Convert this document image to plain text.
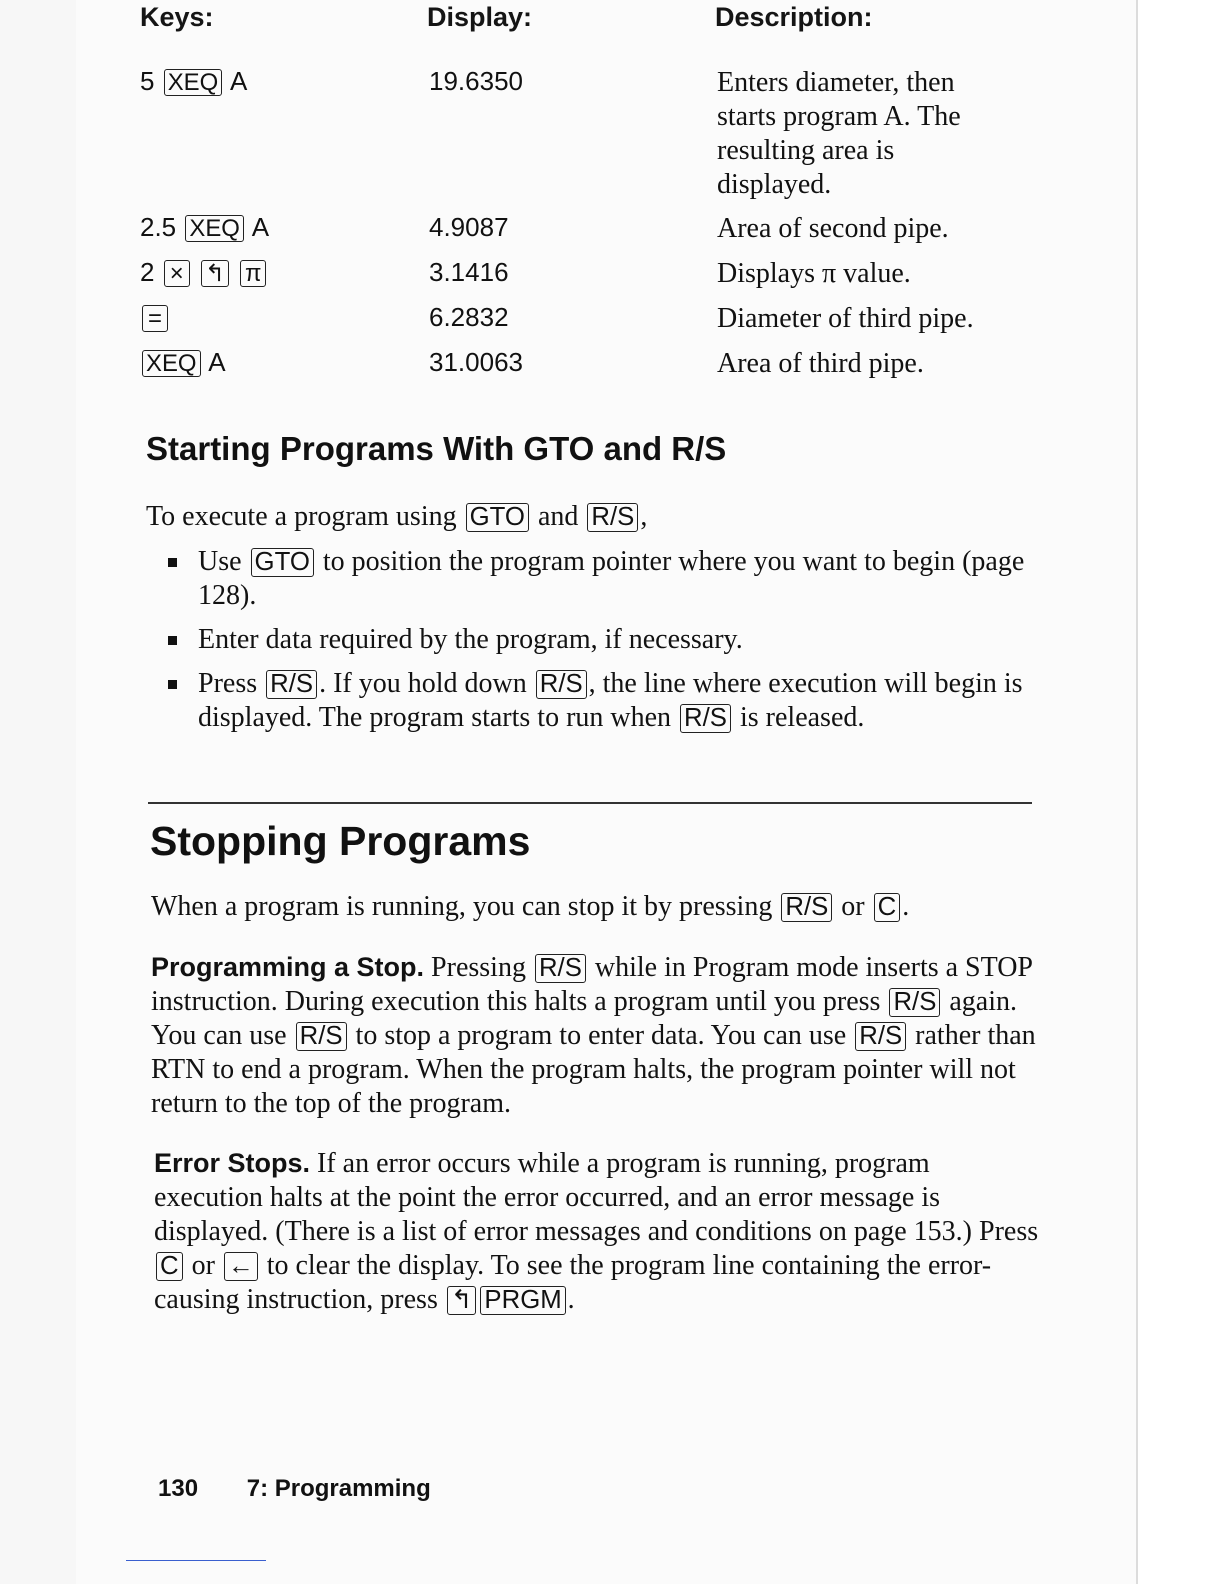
Keys:	Display:	Description:
5 XEQ A	19.6350	Enters diameter, then starts program A. The resulting area is displayed.
2.5 XEQ A	4.9087	Area of second pipe.
2 × ↰ π	3.1416	Displays π value.
=	6.2832	Diameter of third pipe.
XEQ A	31.0063	Area of third pipe.
Starting Programs With GTO and R/S
To execute a program using GTO and R/S ,
Use GTO to position the program pointer where you want to begin (page 128).
Enter data required by the program, if necessary.
Press R/S . If you hold down R/S , the line where execution will begin is displayed. The program starts to run when R/S is released.
Stopping Programs
When a program is running, you can stop it by pressing R/S or C .
Programming a Stop. Pressing R/S while in Program mode inserts a STOP instruction. During execution this halts a program until you press R/S again. You can use R/S to stop a program to enter data. You can use R/S rather than RTN to end a program. When the program halts, the program pointer will not return to the top of the program.
Error Stops. If an error occurs while a program is running, program execution halts at the point the error occurred, and an error message is displayed. (There is a list of error messages and conditions on page 153.) Press C or ← to clear the display. To see the program line containing the error-causing instruction, press ↰ PRGM .
130 7: Programming
